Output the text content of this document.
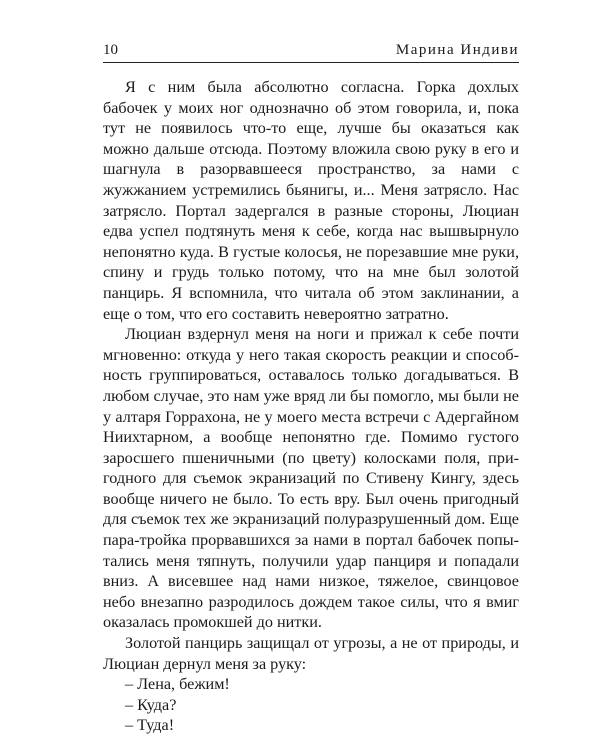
10	Марина Индиви

Я с ним была абсолютно согласна. Горка дохлых бабочек у моих ног однозначно об этом говорила, и, пока тут не появилось что-то еще, лучше бы оказаться как можно дальше отсюда. Поэтому вложила свою руку в его и шагнула в разорвавшееся пространство, за нами с жужжанием устремились бьянигы, и... Меня затрясло. Нас затрясло. Портал задергался в разные стороны, Люциан едва успел подтянуть меня к себе, когда нас вышвырнуло непонятно куда. В густые колосья, не порезавшие мне руки, спину и грудь только потому, что на мне был золотой панцирь. Я вспомнила, что читала об этом заклинании, а еще о том, что его составить невероятно затратно.

Люциан вздернул меня на ноги и прижал к себе почти мгновенно: откуда у него такая скорость реакции и способность группироваться, оставалось только догадываться. В любом случае, это нам уже вряд ли бы помогло, мы были не у алтаря Горрахона, не у моего места встречи с Адергайном Ниихтарном, а вообще непонятно где. Помимо густого заросшего пшеничными (по цвету) колосками поля, пригодного для съемок экранизаций по Стивену Кингу, здесь вообще ничего не было. То есть вру. Был очень пригодный для съемок тех же экранизаций полуразрушенный дом. Еще пара-тройка прорвавшихся за нами в портал бабочек попытались меня тяпнуть, получили удар панциря и попадали вниз. А висевшее над нами низкое, тяжелое, свинцовое небо внезапно разродилось дождем такое силы, что я вмиг оказалась промокшей до нитки.

Золотой панцирь защищал от угрозы, а не от природы, и Люциан дернул меня за руку:

– Лена, бежим!

– Куда?

– Туда!
